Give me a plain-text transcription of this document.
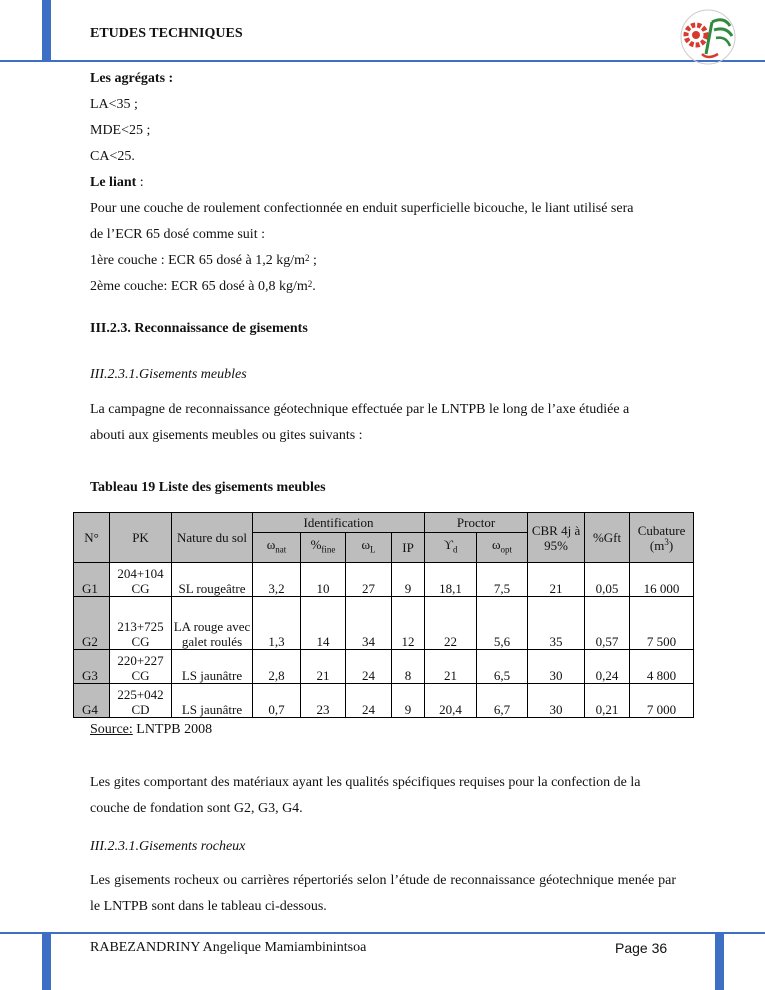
ETUDES TECHNIQUES
Les agrégats :
LA<35 ;
MDE<25 ;
CA<25.
Le liant :
Pour une couche de roulement confectionnée en enduit superficielle bicouche, le liant utilisé sera
de l’ECR 65 dosé comme suit :
1ère couche : ECR 65 dosé à 1,2 $kg/m^2$ ;
2ème couche: ECR 65 dosé à 0,8 $kg/m^2$.
III.2.3. Reconnaissance de gisements
III.2.3.1.Gisements meubles
La campagne de reconnaissance géotechnique effectuée par le LNTPB le long de l’axe étudiée a
abouti aux gisements meubles ou gites suivants :
Tableau 19 Liste des gisements meubles
N°	PK	Nature du sol	Identification				Proctor		CBR 4j à 95%	%Gft	Cubature $(m^3)$
			$\omega_{nat}$	$\%_{fine}$	$\omega_L$	IP	$ϒ_d$	$\omega_{opt}$
G1	204+104 CG	SL rougeâtre	3,2	10	27	9	18,1	7,5	21	0,05	16 000
G2	213+725 CG	LA rouge avec galet roulés	1,3	14	34	12	22	5,6	35	0,57	7 500
G3	220+227 CG	LS jaunâtre	2,8	21	24	8	21	6,5	30	0,24	4 800
G4	225+042 CD	LS jaunâtre	0,7	23	24	9	20,4	6,7	30	0,21	7 000
Source: LNTPB 2008
Les gites comportant des matériaux ayant les qualités spécifiques requises pour la confection de la
couche de fondation sont G2, G3, G4.
III.2.3.1.Gisements rocheux
Les gisements rocheux ou carrières répertoriés selon l’étude de reconnaissance géotechnique menée par le LNTPB sont dans le tableau ci-dessous.
RABEZANDRINY Angelique Mamiambinintsoa	Page 36
